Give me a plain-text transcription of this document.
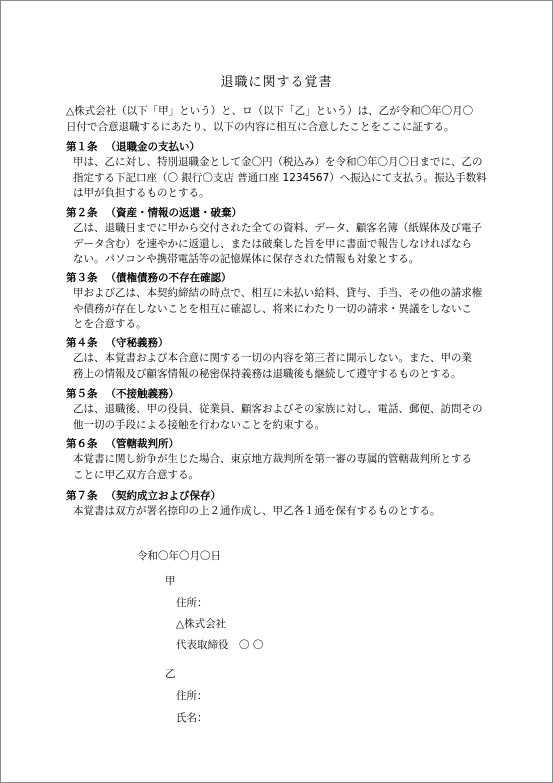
退職に関する覚書
△株式会社（以下「甲」という）と、ロ（以下「乙」という）は、乙が令和〇年〇月〇
日付で合意退職するにあたり、以下の内容に相互に合意したことをここに証する。
第１条 （退職金の支払い）
甲は、乙に対し、特別退職金として金〇円（税込み）を令和〇年〇月〇日までに、乙の
指定する下記口座（〇 銀行〇支店 普通口座 1234567）へ振込にて支払う。振込手数料
は甲が負担するものとする。
第２条 （資産・情報の返還・破棄）
乙は、退職日までに甲から交付された全ての資料、データ、顧客名簿（紙媒体及び電子
データ含む）を速やかに返還し、または破棄した旨を甲に書面で報告しなければなら
ない。パソコンや携帯電話等の記憶媒体に保存された情報も対象とする。
第３条 （債権債務の不存在確認）
甲および乙は、本契約締結の時点で、相互に未払い給料、貸与、手当、その他の請求権
や債務が存在しないことを相互に確認し、将来にわたり一切の請求・異議をしないこ
とを合意する。
第４条 （守秘義務）
乙は、本覚書および本合意に関する一切の内容を第三者に開示しない。また、甲の業
務上の情報及び顧客情報の秘密保持義務は退職後も継続して遵守するものとする。
第５条 （不接触義務）
乙は、退職後、甲の役員、従業員、顧客およびその家族に対し、電話、郵便、訪問その
他一切の手段による接触を行わないことを約束する。
第６条 （管轄裁判所）
本覚書に関し紛争が生じた場合、東京地方裁判所を第一審の専属的管轄裁判所とする
ことに甲乙双方合意する。
第７条 （契約成立および保存）
本覚書は双方が署名捺印の上２通作成し、甲乙各１通を保有するものとする。
令和〇年〇月〇日
甲
住所：
△株式会社
代表取締役　〇 〇
乙
住所：
氏名：
